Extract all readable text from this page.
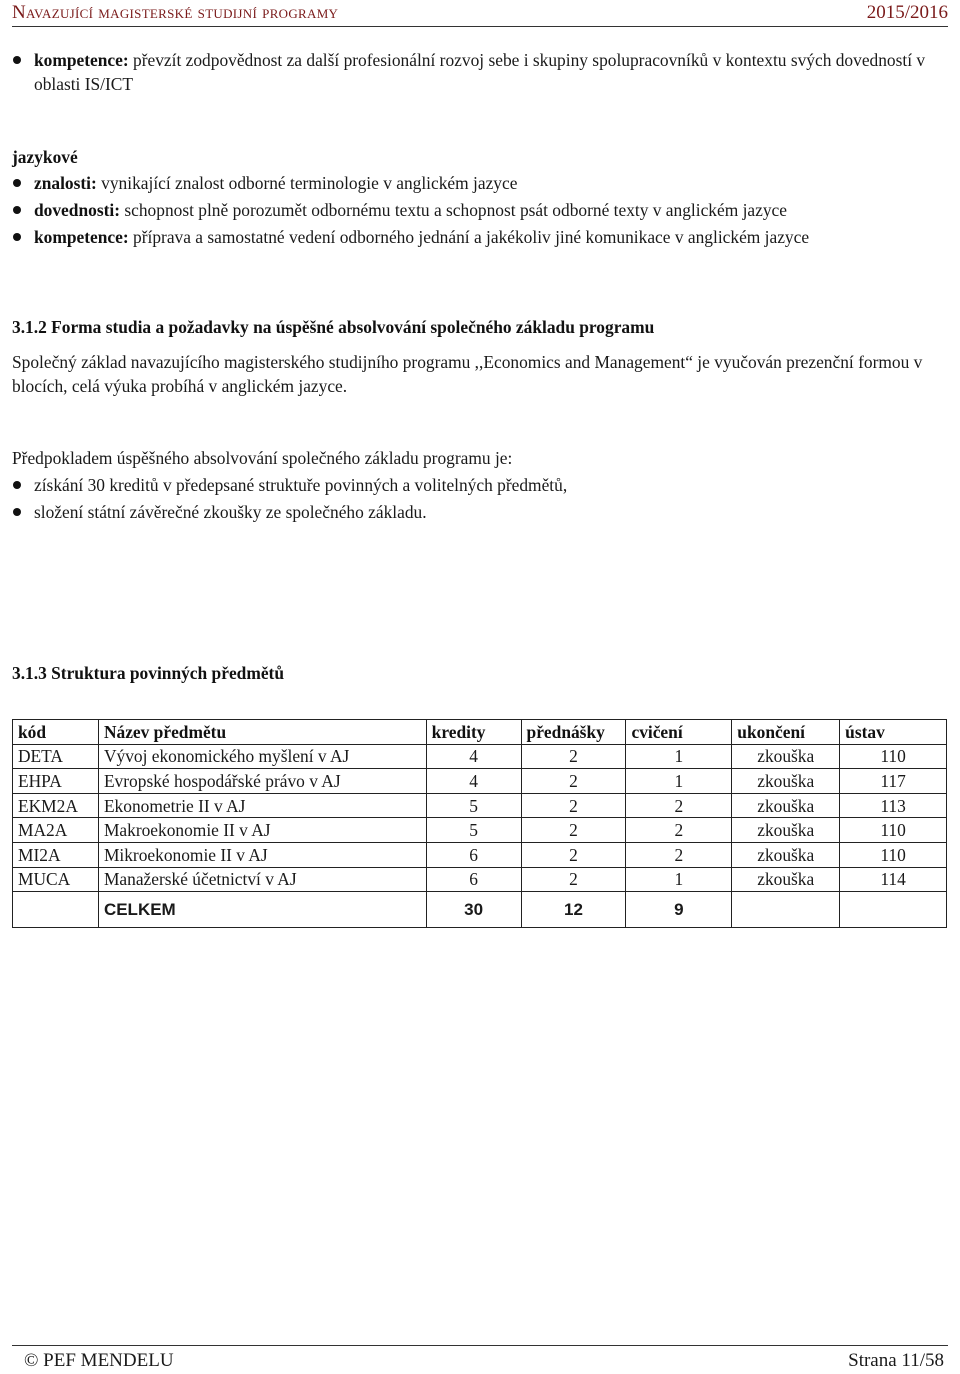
Navazující magisterské studijní programy	2015/2016
kompetence: převzít zodpovědnost za další profesionální rozvoj sebe i skupiny spolupracovníků v kontextu svých dovedností v oblasti IS/ICT
jazykové
znalosti: vynikající znalost odborné terminologie v anglickém jazyce
dovednosti: schopnost plně porozumět odbornému textu a schopnost psát odborné texty v anglickém jazyce
kompetence: příprava a samostatné vedení odborného jednání a jakékoliv jiné komunikace v anglickém jazyce
3.1.2 Forma studia a požadavky na úspěšné absolvování společného základu programu
Společný základ navazujícího magisterského studijního programu ,,Economics and Management“ je vyučován prezenční formou v blocích, celá výuka probíhá v anglickém jazyce.
Předpokladem úspěšného absolvování společného základu programu je:
získání 30 kreditů v předepsané struktuře povinných a volitelných předmětů,
složení státní závěrečné zkoušky ze společného základu.
3.1.3 Struktura povinných předmětů
kód	Název předmětu	kredity	přednášky	cvičení	ukončení	ústav
DETA	Vývoj ekonomického myšlení v AJ	4	2	1	zkouška	110
EHPA	Evropské hospodářské právo v AJ	4	2	1	zkouška	117
EKM2A	Ekonometrie II v AJ	5	2	2	zkouška	113
MA2A	Makroekonomie II v AJ	5	2	2	zkouška	110
MI2A	Mikroekonomie II v AJ	6	2	2	zkouška	110
MUCA	Manažerské účetnictví v AJ	6	2	1	zkouška	114
	CELKEM	30	12	9		
© PEF MENDELU	Strana 11/58
